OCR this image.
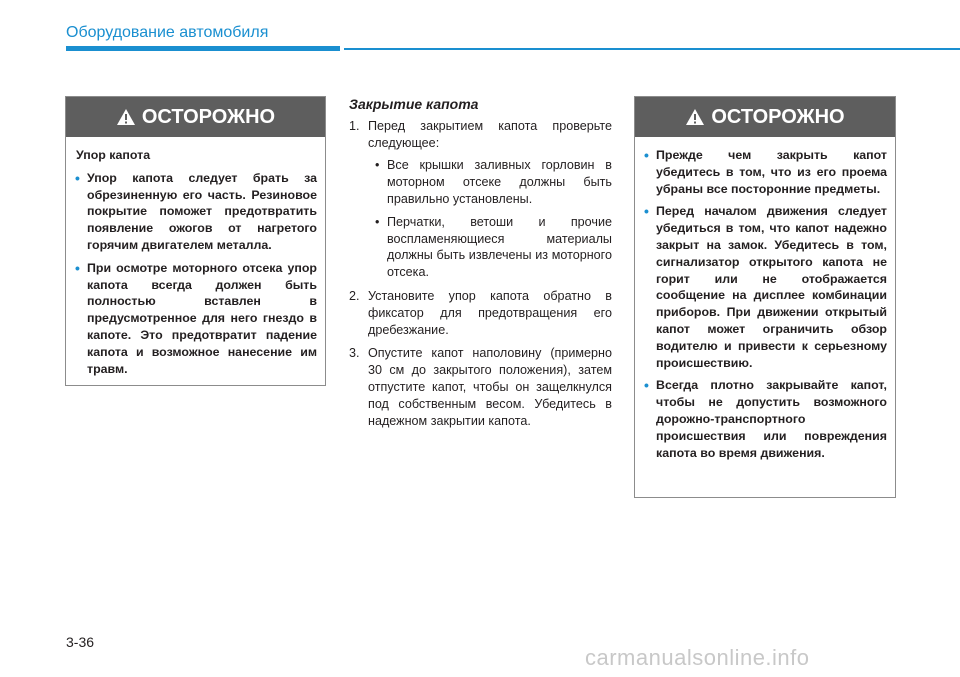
Оборудование автомобиля
ОСТОРОЖНО
Упор капота
• Упор капота следует брать за обрезиненную его часть. Резиновое покрытие поможет предотвратить появление ожогов от нагретого горячим двигателем металла.
• При осмотре моторного отсека упор капота всегда должен быть полностью вставлен в предусмотренное для него гнездо в капоте. Это предотвратит падение капота и возможное нанесение им травм.
Закрытие капота
1. Перед закрытием капота проверьте следующее:
• Все крышки заливных горловин в моторном отсеке должны быть правильно установлены.
• Перчатки, ветоши и прочие воспламеняющиеся материалы должны быть извлечены из моторного отсека.
2. Установите упор капота обратно в фиксатор для предотвращения его дребезжание.
3. Опустите капот наполовину (примерно 30 см до закрытого положения), затем отпустите капот, чтобы он защелкнулся под собственным весом. Убедитесь в надежном закрытии капота.
ОСТОРОЖНО
• Прежде чем закрыть капот убедитесь в том, что из его проема убраны все посторонние предметы.
• Перед началом движения следует убедиться в том, что капот надежно закрыт на замок. Убедитесь в том, сигнализатор открытого капота не горит или не отображается сообщение на дисплее комбинации приборов. При движении открытый капот может ограничить обзор водителю и привести к серьезному происшествию.
• Всегда плотно закрывайте капот, чтобы не допустить возможного дорожно-транспортного происшествия или повреждения капота во время движения.
3-36
carmanualsonline.info
